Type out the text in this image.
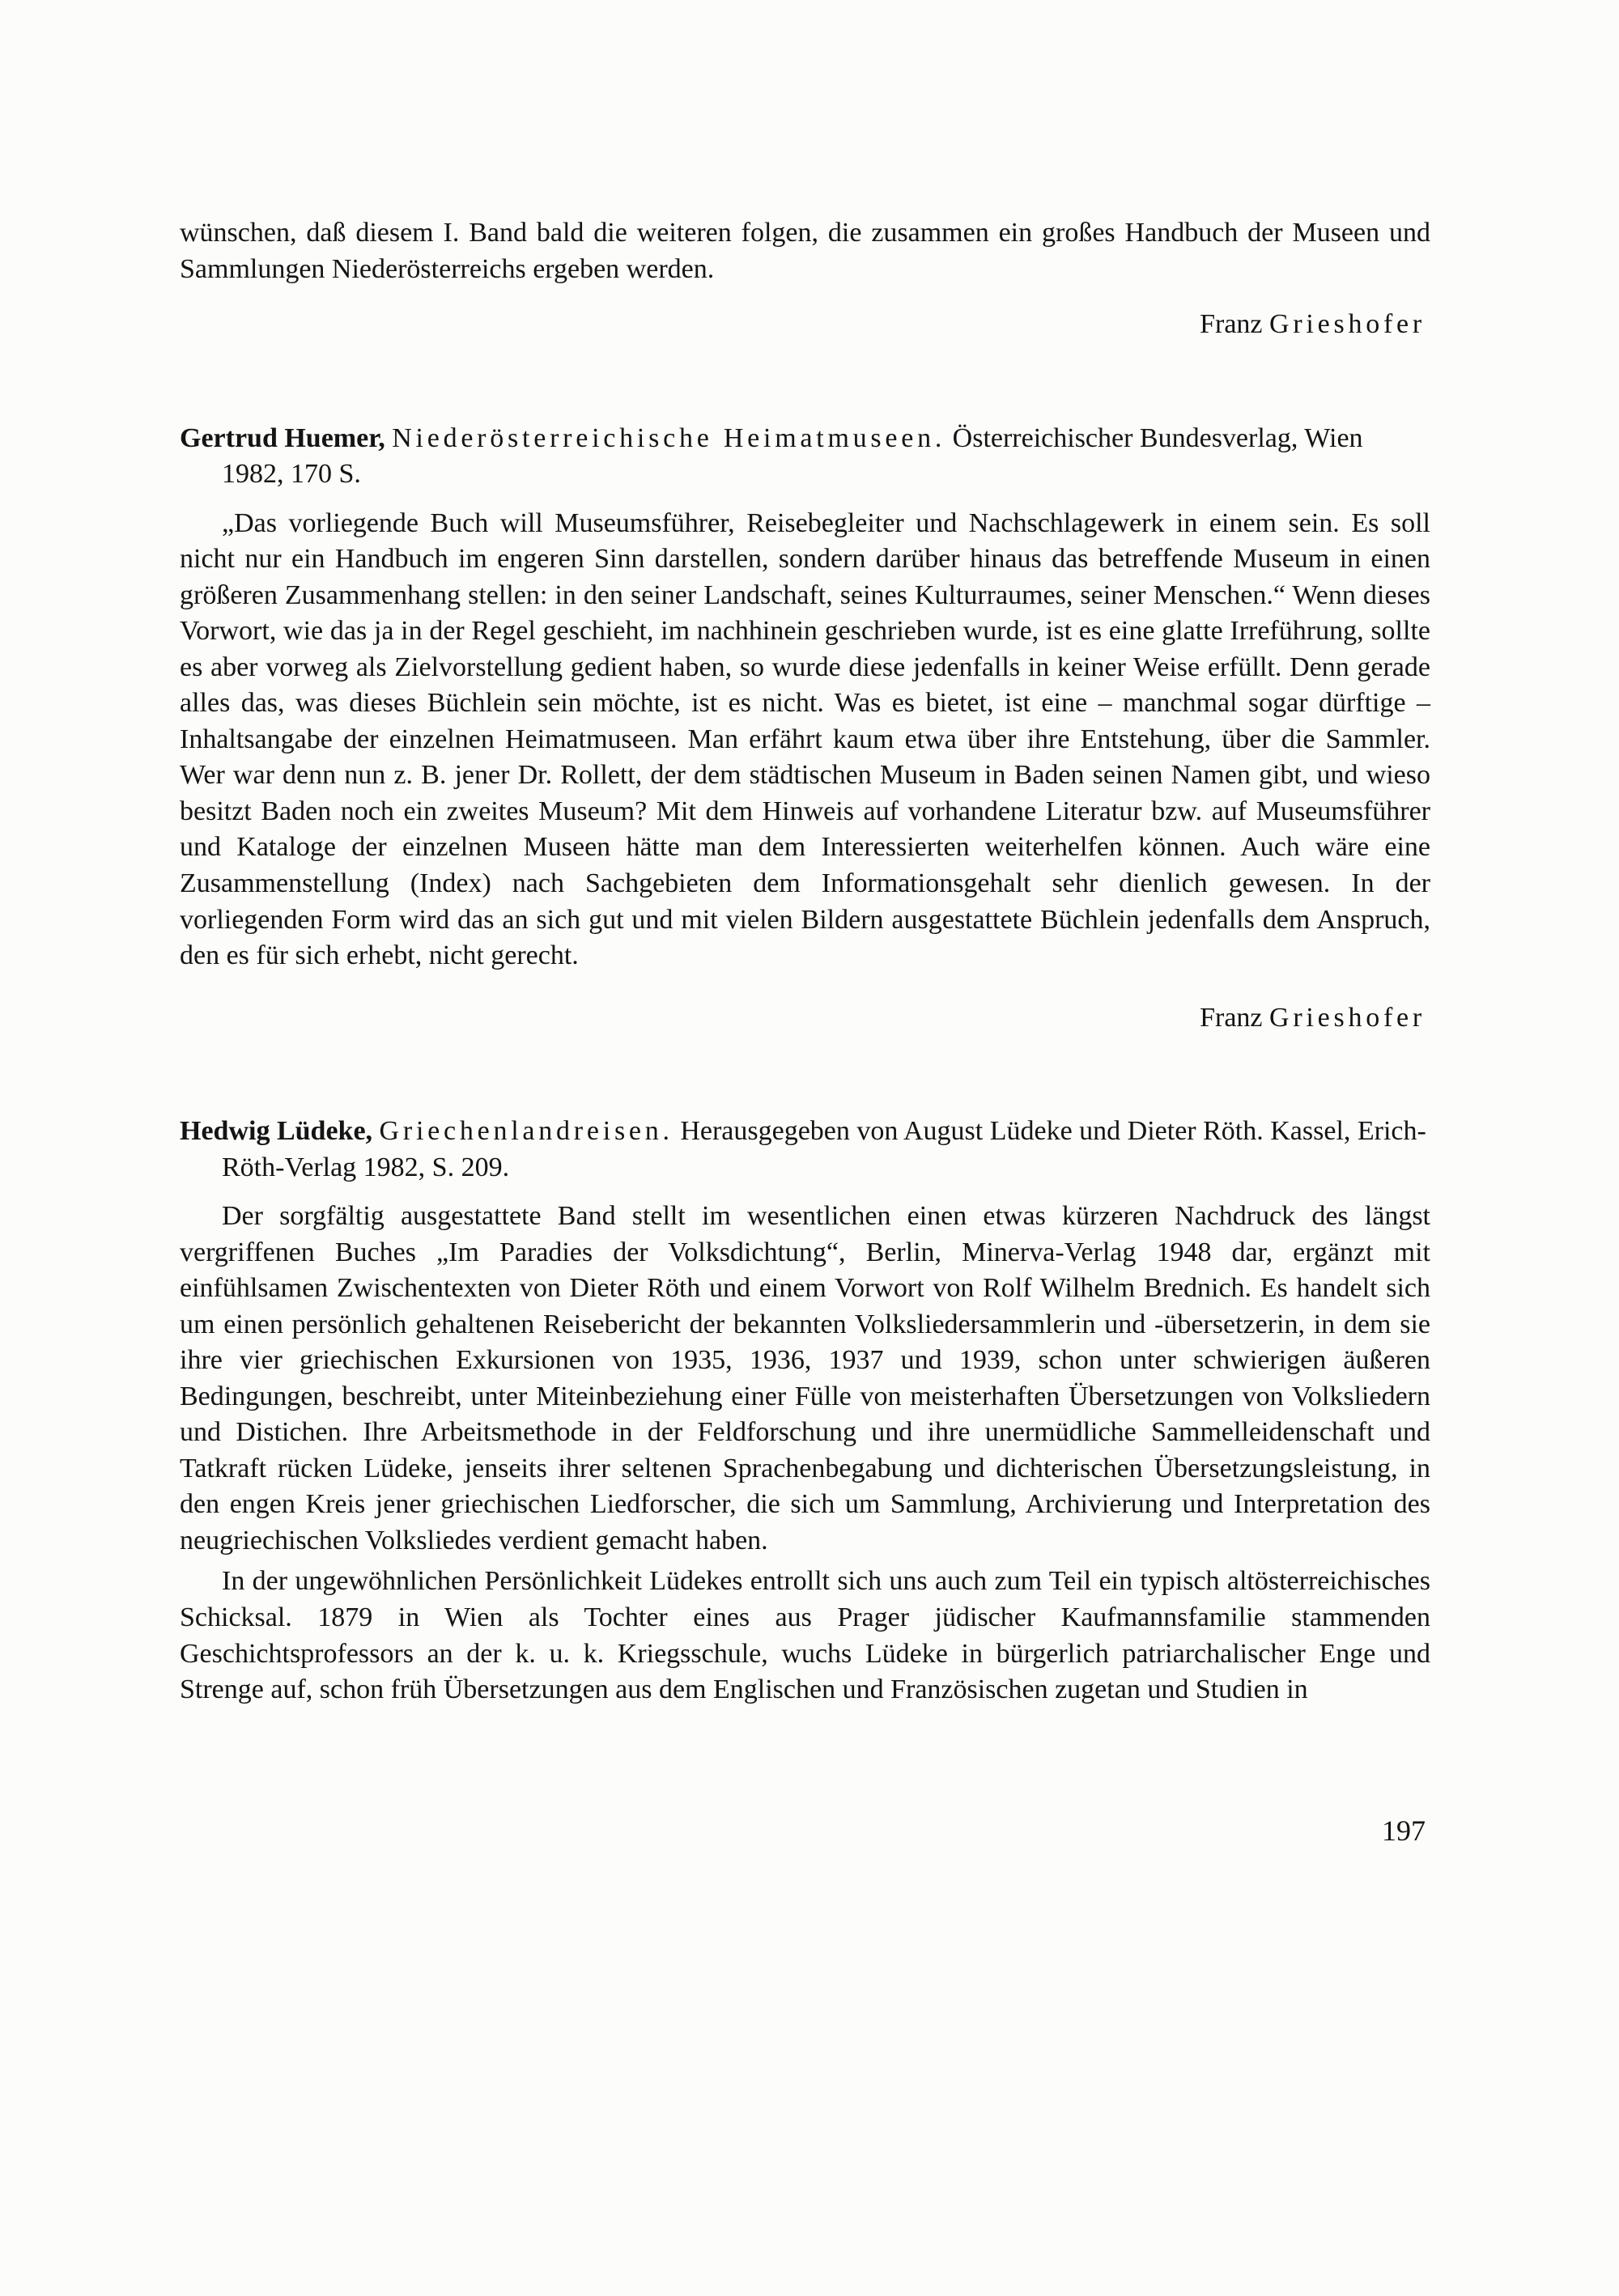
wünschen, daß diesem I. Band bald die weiteren folgen, die zusammen ein großes Handbuch der Museen und Sammlungen Niederösterreichs ergeben werden.

Franz Grieshofer

Gertrud Huemer, Niederösterreichische Heimatmuseen. Österreichischer Bundesverlag, Wien 1982, 170 S.

„Das vorliegende Buch will Museumsführer, Reisebegleiter und Nachschlagewerk in einem sein. Es soll nicht nur ein Handbuch im engeren Sinn darstellen, sondern darüber hinaus das betreffende Museum in einen größeren Zusammenhang stellen: in den seiner Landschaft, seines Kulturraumes, seiner Menschen.“ Wenn dieses Vorwort, wie das ja in der Regel geschieht, im nachhinein geschrieben wurde, ist es eine glatte Irreführung, sollte es aber vorweg als Zielvorstellung gedient haben, so wurde diese jedenfalls in keiner Weise erfüllt. Denn gerade alles das, was dieses Büchlein sein möchte, ist es nicht. Was es bietet, ist eine – manchmal sogar dürftige – Inhaltsangabe der einzelnen Heimatmuseen. Man erfährt kaum etwa über ihre Entstehung, über die Sammler. Wer war denn nun z. B. jener Dr. Rollett, der dem städtischen Museum in Baden seinen Namen gibt, und wieso besitzt Baden noch ein zweites Museum? Mit dem Hinweis auf vorhandene Literatur bzw. auf Museumsführer und Kataloge der einzelnen Museen hätte man dem Interessierten weiterhelfen können. Auch wäre eine Zusammenstellung (Index) nach Sachgebieten dem Informationsgehalt sehr dienlich gewesen. In der vorliegenden Form wird das an sich gut und mit vielen Bildern ausgestattete Büchlein jedenfalls dem Anspruch, den es für sich erhebt, nicht gerecht.

Franz Grieshofer

Hedwig Lüdeke, Griechenlandreisen. Herausgegeben von August Lüdeke und Dieter Röth. Kassel, Erich- Röth-Verlag 1982, S. 209.

Der sorgfältig ausgestattete Band stellt im wesentlichen einen etwas kürzeren Nachdruck des längst vergriffenen Buches „Im Paradies der Volksdichtung“, Berlin, Minerva-Verlag 1948 dar, ergänzt mit einfühlsamen Zwischentexten von Dieter Röth und einem Vorwort von Rolf Wilhelm Brednich. Es handelt sich um einen persönlich gehaltenen Reisebericht der bekannten Volksliedersammlerin und -übersetzerin, in dem sie ihre vier griechischen Exkursionen von 1935, 1936, 1937 und 1939, schon unter schwierigen äußeren Bedingungen, beschreibt, unter Miteinbeziehung einer Fülle von meisterhaften Übersetzungen von Volksliedern und Distichen. Ihre Arbeitsmethode in der Feldforschung und ihre unermüdliche Sammelleidenschaft und Tatkraft rücken Lüdeke, jenseits ihrer seltenen Sprachenbegabung und dichterischen Übersetzungsleistung, in den engen Kreis jener griechischen Liedforscher, die sich um Sammlung, Archivierung und Interpretation des neugriechischen Volksliedes verdient gemacht haben.

In der ungewöhnlichen Persönlichkeit Lüdekes entrollt sich uns auch zum Teil ein typisch altösterreichisches Schicksal. 1879 in Wien als Tochter eines aus Prager jüdischer Kaufmannsfamilie stammenden Geschichtsprofessors an der k. u. k. Kriegsschule, wuchs Lüdeke in bürgerlich patriarchalischer Enge und Strenge auf, schon früh Übersetzungen aus dem Englischen und Französischen zugetan und Studien in

197
